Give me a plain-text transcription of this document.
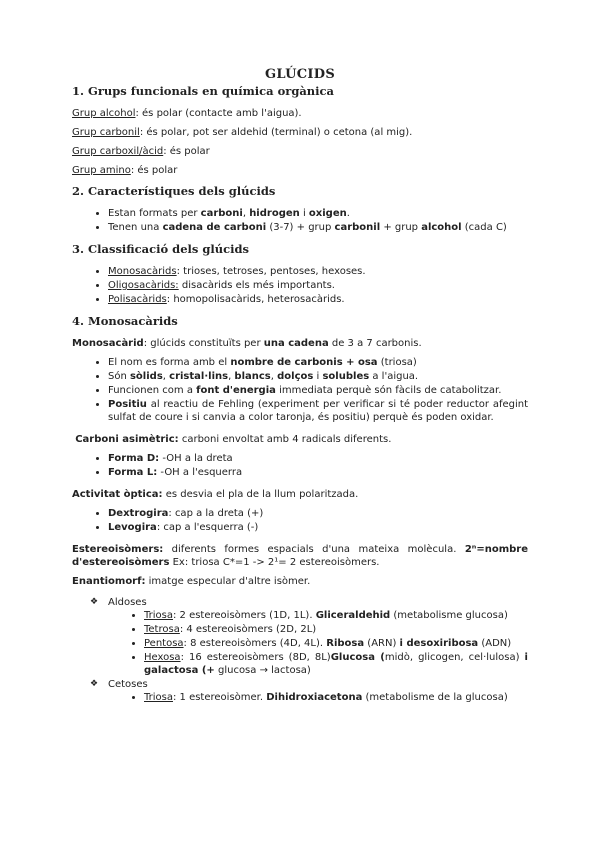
GLÚCIDS
1. Grups funcionals en química orgànica

Grup alcohol: és polar (contacte amb l'aigua).

Grup carbonil: és polar, pot ser aldehid (terminal) o cetona (al mig).

Grup carboxil/àcid: és polar

Grup amino: és polar

2. Característiques dels glúcids
• Estan formats per carboni, hidrogen i oxigen.
• Tenen una cadena de carboni (3-7) + grup carbonil + grup alcohol (cada C)
3. Classificació dels glúcids
• Monosacàrids: trioses, tetroses, pentoses, hexoses.
• Oligosacàrids: disacàrids els més importants.
• Polisacàrids: homopolisacàrids, heterosacàrids.
4. Monosacàrids

Monosacàrid: glúcids constituïts per una cadena de 3 a 7 carbonis.

• El nom es forma amb el nombre de carbonis + osa (triosa)
• Són sòlids, cristal·lins, blancs, dolços i solubles a l'aigua.
• Funcionen com a font d'energia immediata perquè són fàcils de catabolitzar.
• Positiu al reactiu de Fehling (experiment per verificar si té poder reductor afegint sulfat de coure i si canvia a color taronja, és positiu) perquè és poden oxidar.

Carboni asimètric: carboni envoltat amb 4 radicals diferents.

• Forma D: -OH a la dreta
• Forma L: -OH a l'esquerra

Activitat òptica: es desvia el pla de la llum polaritzada.

• Dextrogira: cap a la dreta (+)
• Levogira: cap a l'esquerra (-)

Estereoisòmers: diferents formes espacials d'una mateixa molècula. 2ⁿ=nombre d'estereoisòmers Ex: triosa C*=1 -> 2¹= 2 estereoisòmers.

Enantiomorf: imatge especular d'altre isòmer.

❖ Aldoses
• Triosa: 2 estereoisòmers (1D, 1L). Gliceraldehid (metabolisme glucosa)
• Tetrosa: 4 estereoisòmers (2D, 2L)
• Pentosa: 8 estereoisòmers (4D, 4L). Ribosa (ARN) i desoxiribosa (ADN)
• Hexosa: 16 estereoisòmers (8D, 8L)Glucosa (midò, glicogen, cel·lulosa) i galactosa (+ glucosa → lactosa)
❖ Cetoses
• Triosa: 1 estereoisòmer. Dihidroxiacetona (metabolisme de la glucosa)
